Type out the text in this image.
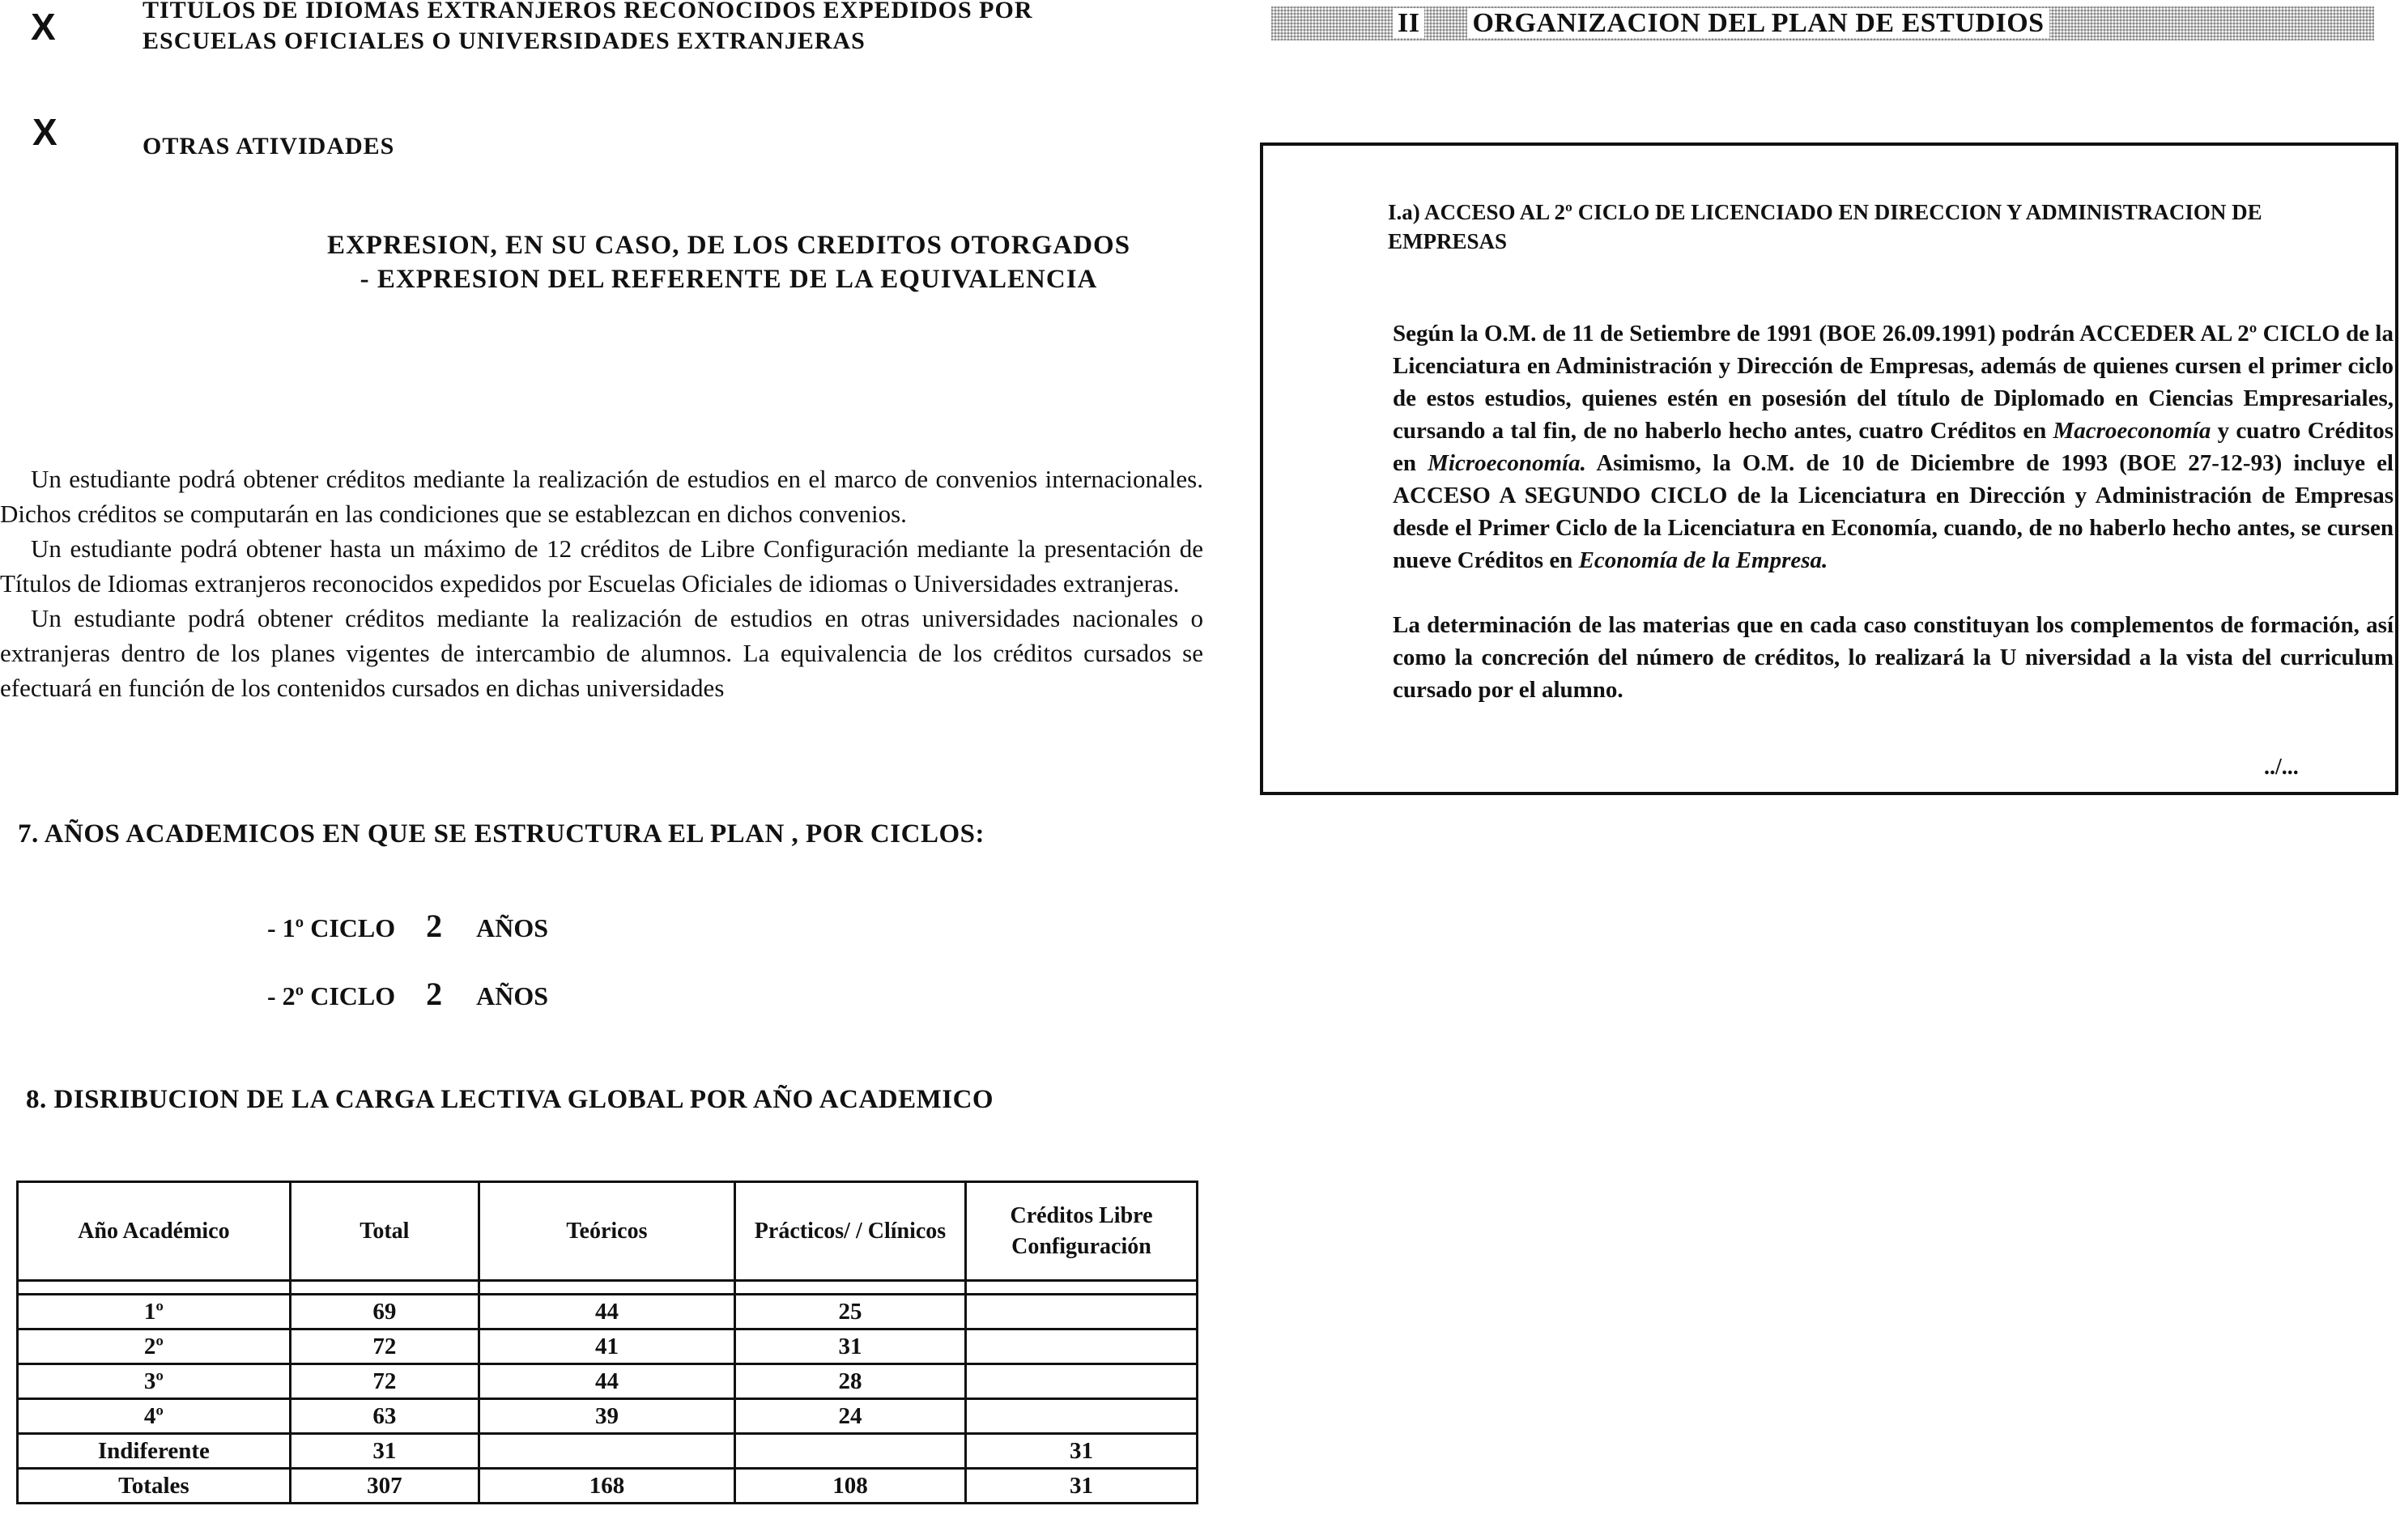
X	TITULOS DE IDIOMAS EXTRANJEROS RECONOCIDOS EXPEDIDOS POR
ESCUELAS OFICIALES O UNIVERSIDADES EXTRANJERAS
X	OTRAS ATIVIDADES
EXPRESION, EN SU CASO, DE LOS CREDITOS OTORGADOS
- EXPRESION DEL REFERENTE DE LA EQUIVALENCIA

Un estudiante podrá obtener créditos mediante la realización de estudios en el marco de convenios internacionales. Dichos créditos se computarán en las condiciones que se establezcan en dichos convenios.

Un estudiante podrá obtener hasta un máximo de 12 créditos de Libre Configuración mediante la presentación de Títulos de Idiomas extranjeros reconocidos expedidos por Escuelas Oficiales de idiomas o Universidades extranjeras.

Un estudiante podrá obtener créditos mediante la realización de estudios en otras universidades nacionales o extranjeras dentro de los planes vigentes de intercambio de alumnos. La equivalencia de los créditos cursados se efectuará en función de los contenidos cursados en dichas universidades

7. AÑOS ACADEMICOS EN QUE SE ESTRUCTURA EL PLAN , POR CICLOS:
- 1º CICLO 2 AÑOS
- 2º CICLO 2 AÑOS
8. DISRIBUCION DE LA CARGA LECTIVA GLOBAL POR AÑO ACADEMICO
Año Académico	Total	Teóricos	Prácticos/ / Clínicos	Créditos Libre Configuración

1º	69	44	25	
2º	72	41	31	
3º	72	44	28	
4º	63	39	24	
Indiferente	31			31
Totales	307	168	108	31
II ORGANIZACION DEL PLAN DE ESTUDIOS
I.a) ACCESO AL 2º CICLO DE LICENCIADO EN DIRECCION Y ADMINISTRACION DE EMPRESAS

Según la O.M. de 11 de Setiembre de 1991 (BOE 26.09.1991) podrán ACCEDER AL 2º CICLO de la Licenciatura en Administración y Dirección de Empresas, además de quienes cursen el primer ciclo de estos estudios, quienes estén en posesión del título de Diplomado en Ciencias Empresariales, cursando a tal fin, de no haberlo hecho antes, cuatro Créditos en Macroeconomía y cuatro Créditos en Microeconomía. Asimismo, la O.M. de 10 de Diciembre de 1993 (BOE 27-12-93) incluye el ACCESO A SEGUNDO CICLO de la Licenciatura en Dirección y Administración de Empresas desde el Primer Ciclo de la Licenciatura en Economía, cuando, de no haberlo hecho antes, se cursen nueve Créditos en Economía de la Empresa.

La determinación de las materias que en cada caso constituyan los complementos de formación, así como la concreción del número de créditos, lo realizará la U niversidad a la vista del curriculum cursado por el alumno.

../...
